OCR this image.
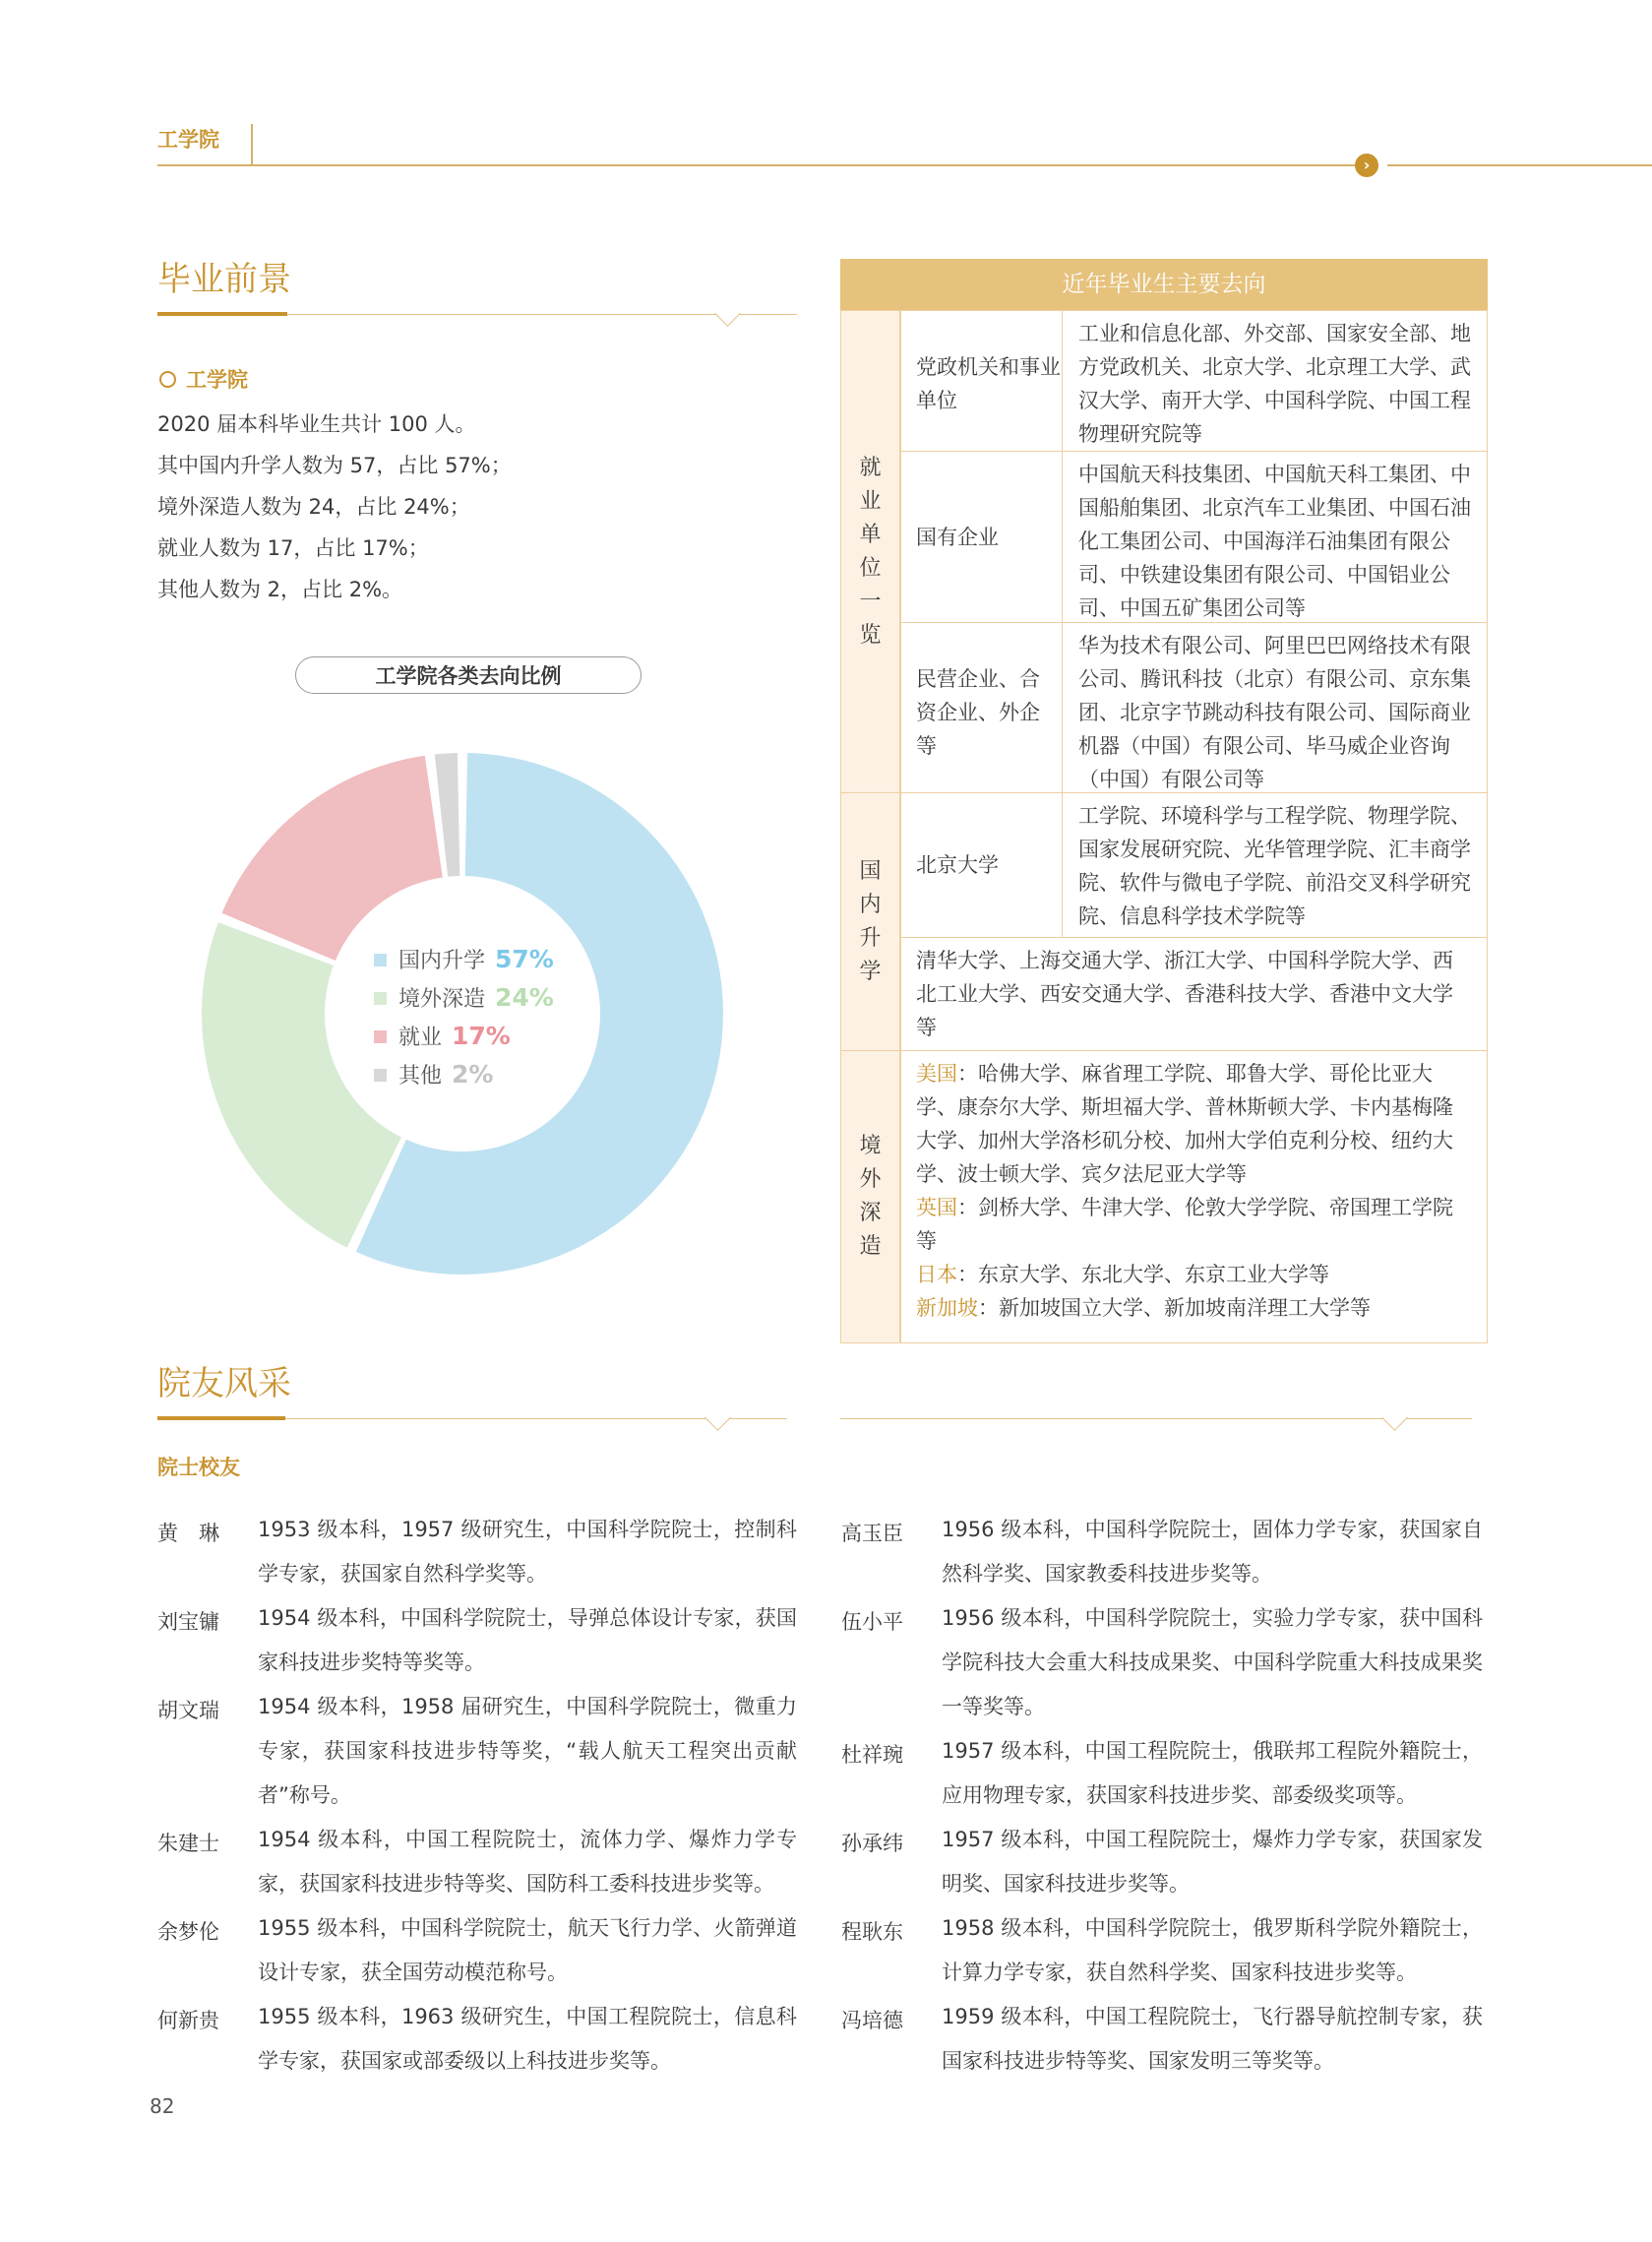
工学院
›
毕业前景
工学院
2020 届本科毕业生共计 100 人。
其中国内升学人数为 57，占比 57%；
境外深造人数为 24，占比 24%；
就业人数为 17，占比 17%；
其他人数为 2，占比 2%。
工学院各类去向比例
国内升学 57%
境外深造 24%
就业 17%
其他 2%
近年毕业生主要去向
就
业
单
位
一
览
党政机关和事业单位
工业和信息化部、外交部、国家安全部、地方党政机关、北京大学、北京理工大学、武汉大学、南开大学、中国科学院、中国工程物理研究院等
国有企业
中国航天科技集团、中国航天科工集团、中国船舶集团、北京汽车工业集团、中国石油化工集团公司、中国海洋石油集团有限公司、中铁建设集团有限公司、中国铝业公司、中国五矿集团公司等
民营企业、合资企业、外企等
华为技术有限公司、阿里巴巴网络技术有限公司、腾讯科技（北京）有限公司、京东集团、北京字节跳动科技有限公司、国际商业机器（中国）有限公司、毕马威企业咨询（中国）有限公司等
国
内
升
学
北京大学
工学院、环境科学与工程学院、物理学院、国家发展研究院、光华管理学院、汇丰商学院、软件与微电子学院、前沿交叉科学研究院、信息科学技术学院等
清华大学、上海交通大学、浙江大学、中国科学院大学、西北工业大学、西安交通大学、香港科技大学、香港中文大学等
境
外
深
造
美国：哈佛大学、麻省理工学院、耶鲁大学、哥伦比亚大学、康奈尔大学、斯坦福大学、普林斯顿大学、卡内基梅隆大学、加州大学洛杉矶分校、加州大学伯克利分校、纽约大学、波士顿大学、宾夕法尼亚大学等
英国：剑桥大学、牛津大学、伦敦大学学院、帝国理工学院等
日本：东京大学、东北大学、东京工业大学等
新加坡：新加坡国立大学、新加坡南洋理工大学等
院友风采
院士校友
黄　琳 1953 级本科，1957 级研究生，中国科学院院士，控制科学专家，获国家自然科学奖等。
刘宝镛 1954 级本科，中国科学院院士，导弹总体设计专家，获国家科技进步奖特等奖等。
胡文瑞 1954 级本科，1958 届研究生，中国科学院院士，微重力专家，获国家科技进步特等奖，“载人航天工程突出贡献者”称号。
朱建士 1954 级本科，中国工程院院士，流体力学、爆炸力学专家，获国家科技进步特等奖、国防科工委科技进步奖等。
余梦伦 1955 级本科，中国科学院院士，航天飞行力学、火箭弹道设计专家，获全国劳动模范称号。
何新贵 1955 级本科，1963 级研究生，中国工程院院士，信息科学专家，获国家或部委级以上科技进步奖等。
高玉臣 1956 级本科，中国科学院院士，固体力学专家，获国家自然科学奖、国家教委科技进步奖等。
伍小平 1956 级本科，中国科学院院士，实验力学专家，获中国科学院科技大会重大科技成果奖、中国科学院重大科技成果奖一等奖等。
杜祥琬 1957 级本科，中国工程院院士，俄联邦工程院外籍院士，应用物理专家，获国家科技进步奖、部委级奖项等。
孙承纬 1957 级本科，中国工程院院士，爆炸力学专家，获国家发明奖、国家科技进步奖等。
程耿东 1958 级本科，中国科学院院士，俄罗斯科学院外籍院士，计算力学专家，获自然科学奖、国家科技进步奖等。
冯培德 1959 级本科，中国工程院院士，飞行器导航控制专家，获国家科技进步特等奖、国家发明三等奖等。
82
